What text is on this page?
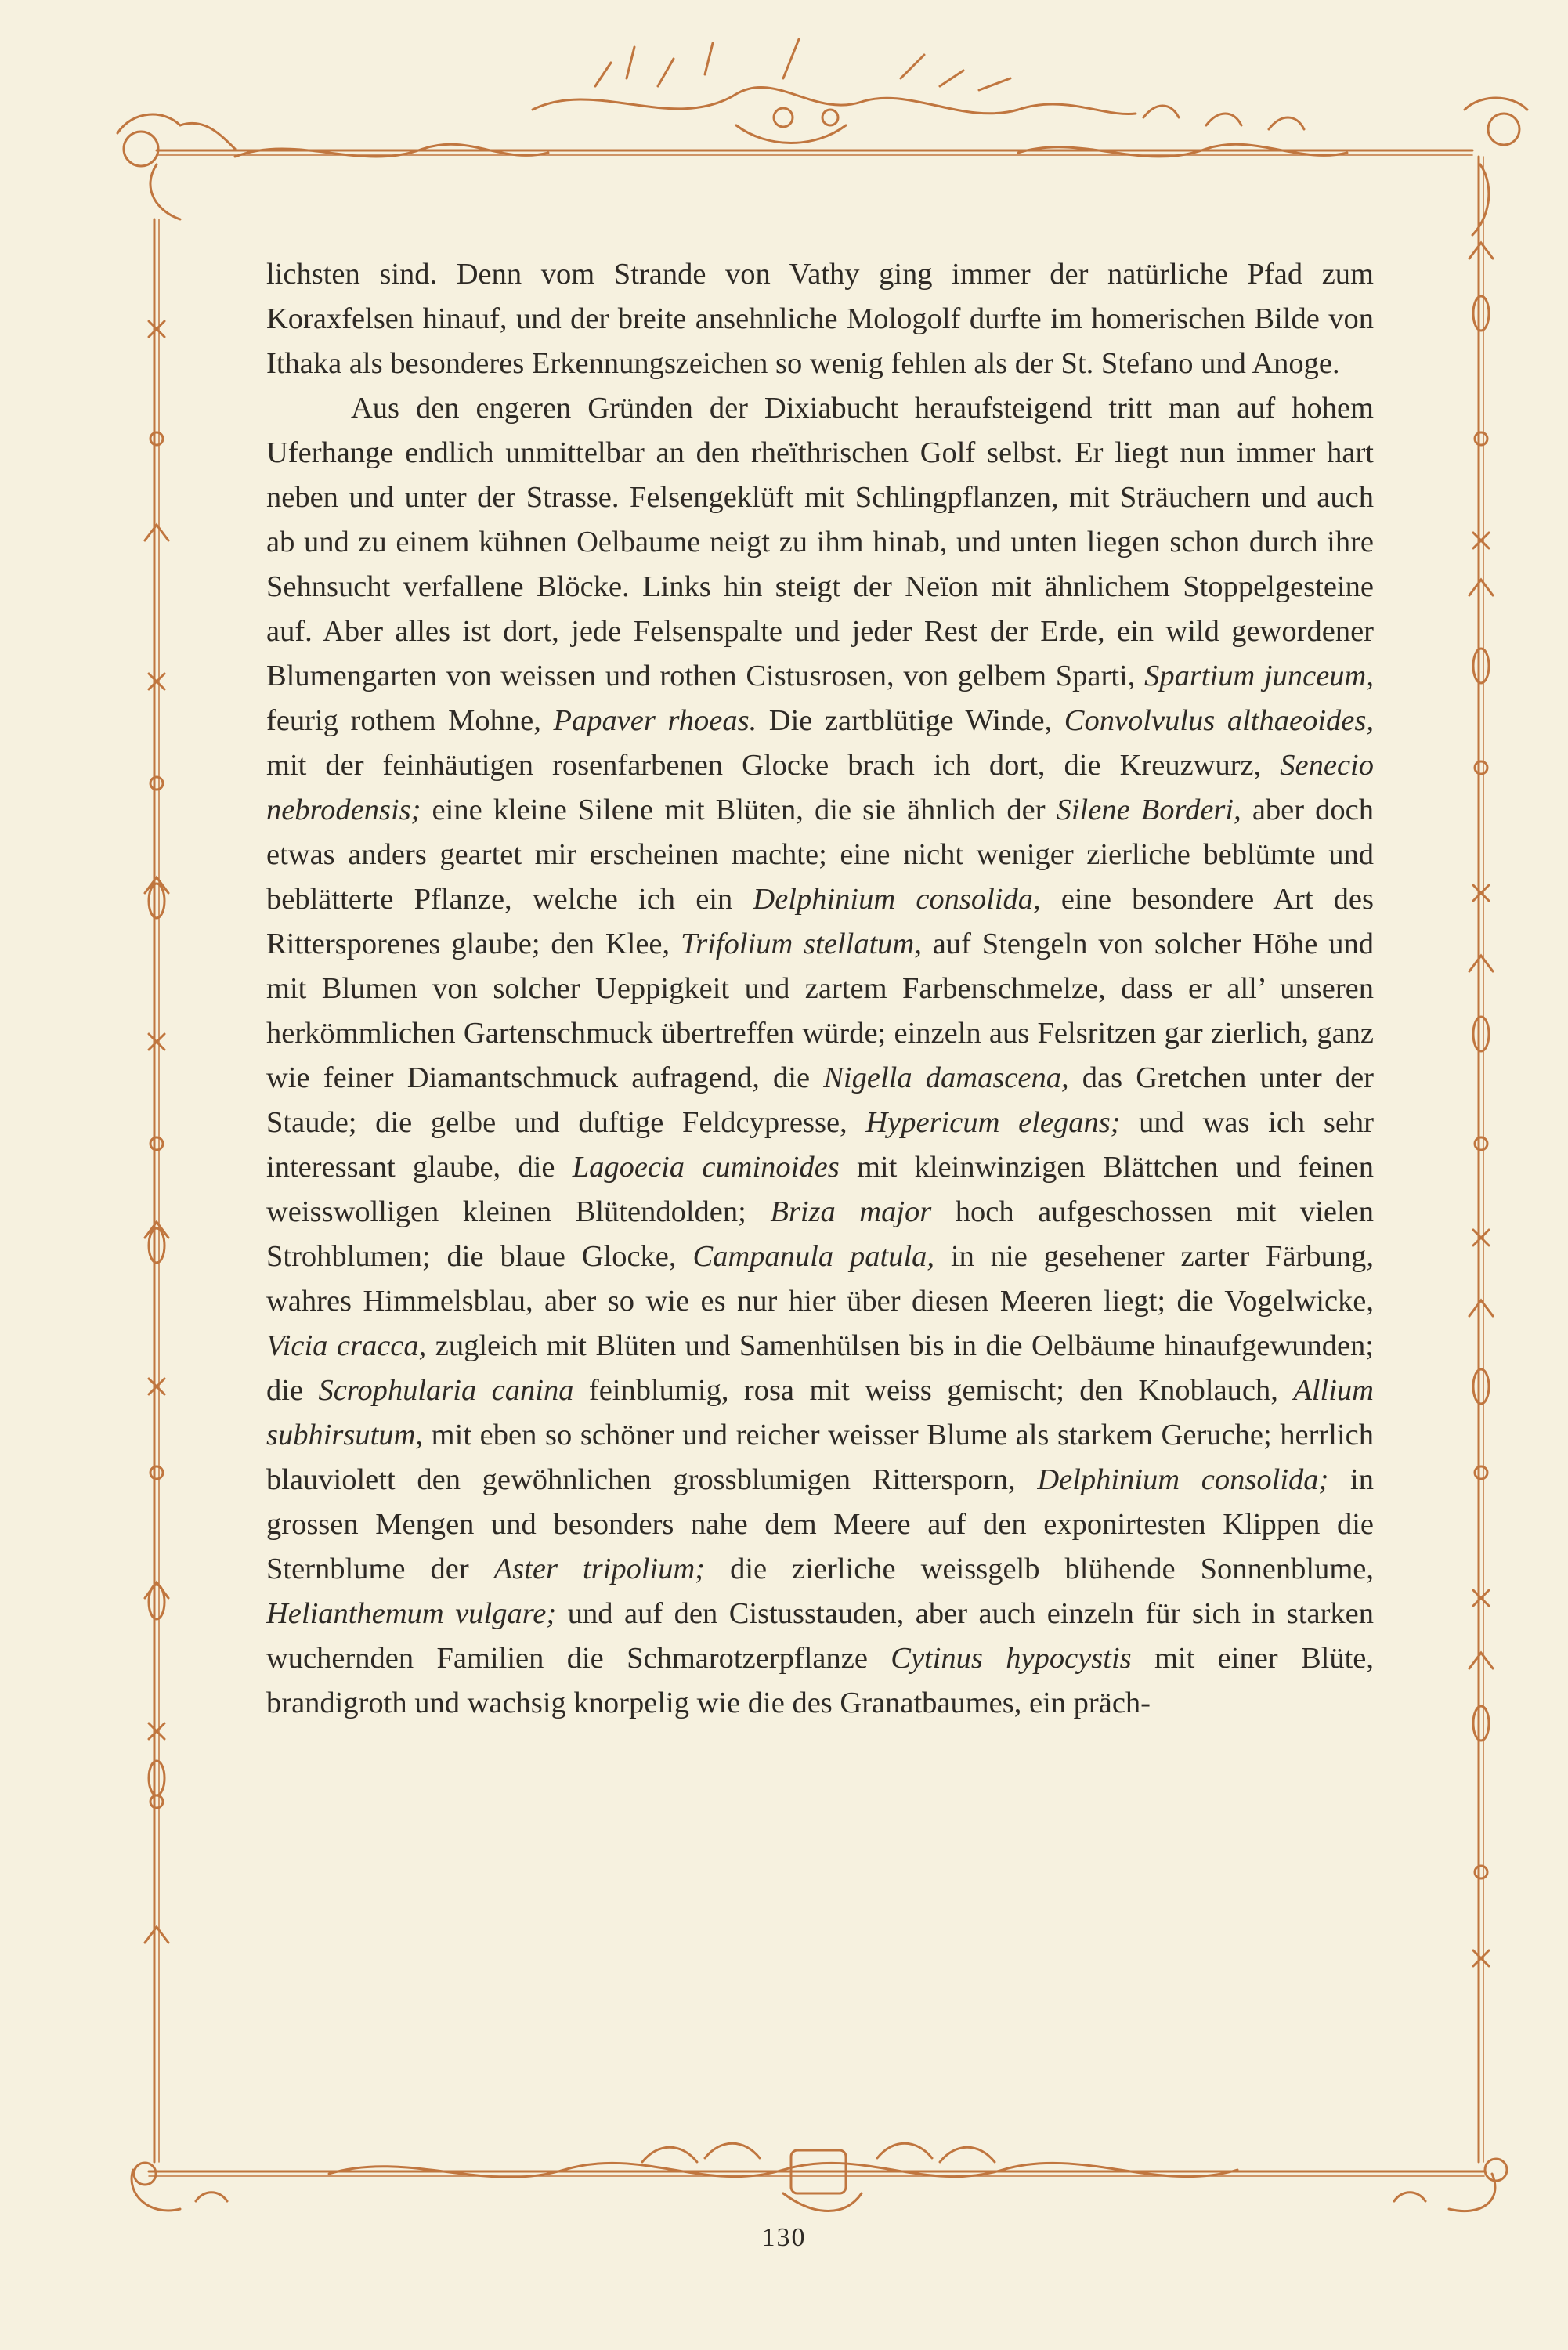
lichsten sind. Denn vom Strande von Vathy ging immer der natürliche Pfad zum Koraxfelsen hinauf, und der breite ansehnliche Mologolf durfte im homerischen Bilde von Ithaka als besonderes Erkennungszeichen so wenig fehlen als der St. Stefano und Anoge.

Aus den engeren Gründen der Dixiabucht heraufsteigend tritt man auf hohem Uferhange endlich unmittelbar an den rheïthrischen Golf selbst. Er liegt nun immer hart neben und unter der Strasse. Felsengeklüft mit Schlingpflanzen, mit Sträuchern und auch ab und zu einem kühnen Oelbaume neigt zu ihm hinab, und unten liegen schon durch ihre Sehnsucht verfallene Blöcke. Links hin steigt der Neïon mit ähnlichem Stoppelgesteine auf. Aber alles ist dort, jede Felsenspalte und jeder Rest der Erde, ein wild gewordener Blumengarten von weissen und rothen Cistusrosen, von gelbem Sparti, Spartium junceum, feurig rothem Mohne, Papaver rhoeas. Die zartblütige Winde, Convolvulus althaeoides, mit der feinhäutigen rosenfarbenen Glocke brach ich dort, die Kreuzwurz, Senecio nebrodensis; eine kleine Silene mit Blüten, die sie ähnlich der Silene Borderi, aber doch etwas anders geartet mir erscheinen machte; eine nicht weniger zierliche beblümte und beblätterte Pflanze, welche ich ein Delphinium consolida, eine besondere Art des Rittersporenes glaube; den Klee, Trifolium stellatum, auf Stengeln von solcher Höhe und mit Blumen von solcher Ueppigkeit und zartem Farbenschmelze, dass er all’ unseren herkömmlichen Gartenschmuck übertreffen würde; einzeln aus Felsritzen gar zierlich, ganz wie feiner Diamantschmuck aufragend, die Nigella damascena, das Gretchen unter der Staude; die gelbe und duftige Feldcypresse, Hypericum elegans; und was ich sehr interessant glaube, die Lagoecia cuminoides mit kleinwinzigen Blättchen und feinen weisswolligen kleinen Blütendolden; Briza major hoch aufgeschossen mit vielen Strohblumen; die blaue Glocke, Campanula patula, in nie gesehener zarter Färbung, wahres Himmelsblau, aber so wie es nur hier über diesen Meeren liegt; die Vogelwicke, Vicia cracca, zugleich mit Blüten und Samenhülsen bis in die Oelbäume hinaufgewunden; die Scrophularia canina feinblumig, rosa mit weiss gemischt; den Knoblauch, Allium subhirsutum, mit eben so schöner und reicher weisser Blume als starkem Geruche; herrlich blauviolett den gewöhnlichen grossblumigen Rittersporn, Delphinium consolida; in grossen Mengen und besonders nahe dem Meere auf den exponirtesten Klippen die Sternblume der Aster tripolium; die zierliche weissgelb blühende Sonnenblume, Helianthemum vulgare; und auf den Cistusstauden, aber auch einzeln für sich in starken wuchernden Familien die Schmarotzerpflanze Cytinus hypocystis mit einer Blüte, brandigroth und wachsig knorpelig wie die des Granatbaumes, ein präch-

130
